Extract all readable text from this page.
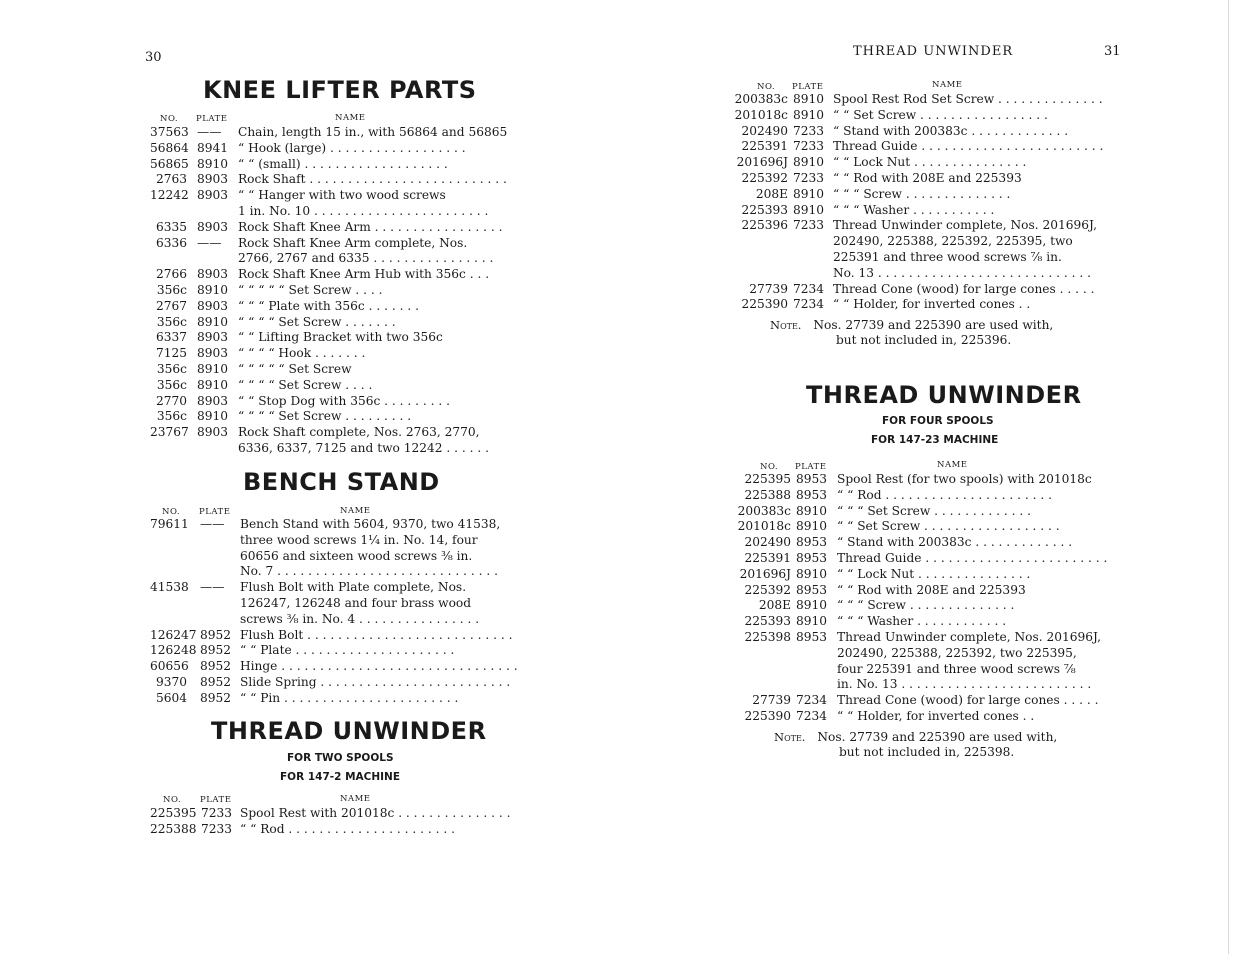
30
KNEE LIFTER PARTS
NO. PLATE	NAME
37563 —— Chain, length 15 in., with 56864 and 56865
56864 8941 “ Hook (large) . . . . . . . . . . . . . . . . . .
56865 8910 “ “ (small) . . . . . . . . . . . . . . . . . . .
2763 8903 Rock Shaft . . . . . . . . . . . . . . . . . . . . . . . . . .
12242 8903 “ “ Hanger with two wood screws
1 in. No. 10 . . . . . . . . . . . . . . . . . . . . . . .
6335 8903 Rock Shaft Knee Arm . . . . . . . . . . . . . . . . .
6336 —— Rock Shaft Knee Arm complete, Nos.
2766, 2767 and 6335 . . . . . . . . . . . . . . . .
2766 8903 Rock Shaft Knee Arm Hub with 356c . . .
356c 8910 “ “ “ “ “ Set Screw . . . .
2767 8903 “ “ “ Plate with 356c . . . . . . .
356c 8910 “ “ “ “ Set Screw . . . . . . .
6337 8903 “ “ Lifting Bracket with two 356c
7125 8903 “ “ “ “ Hook . . . . . . .
356c 8910 “ “ “ “ “ Set Screw
356c 8910 “ “ “ “ Set Screw . . . .
2770 8903 “ “ Stop Dog with 356c . . . . . . . . .
356c 8910 “ “ “ “ Set Screw . . . . . . . . .
23767 8903 Rock Shaft complete, Nos. 2763, 2770,
6336, 6337, 7125 and two 12242 . . . . . .
BENCH STAND
NO. PLATE	NAME
79611 —— Bench Stand with 5604, 9370, two 41538,
three wood screws 1¼ in. No. 14, four
60656 and sixteen wood screws ⅜ in.
No. 7 . . . . . . . . . . . . . . . . . . . . . . . . . . . . .
41538 —— Flush Bolt with Plate complete, Nos.
126247, 126248 and four brass wood
screws ⅜ in. No. 4 . . . . . . . . . . . . . . . .
126247 8952 Flush Bolt . . . . . . . . . . . . . . . . . . . . . . . . . . .
126248 8952 “ “ Plate . . . . . . . . . . . . . . . . . . . . .
60656 8952 Hinge . . . . . . . . . . . . . . . . . . . . . . . . . . . . . . .
9370 8952 Slide Spring . . . . . . . . . . . . . . . . . . . . . . . . .
5604 8952 “ “ Pin . . . . . . . . . . . . . . . . . . . . . . .
THREAD UNWINDER
FOR TWO SPOOLS
FOR 147-2 MACHINE
NO. PLATE	NAME
225395 7233 Spool Rest with 201018c . . . . . . . . . . . . . . .
225388 7233 “ “ Rod . . . . . . . . . . . . . . . . . . . . . .
THREAD UNWINDER	31
NO. PLATE	NAME
200383c 8910 Spool Rest Rod Set Screw . . . . . . . . . . . . . .
201018c 8910 “ “ Set Screw . . . . . . . . . . . . . . . . .
202490 7233 “ Stand with 200383c . . . . . . . . . . . . .
225391 7233 Thread Guide . . . . . . . . . . . . . . . . . . . . . . . .
201696J 8910 “ “ Lock Nut . . . . . . . . . . . . . . .
225392 7233 “ “ Rod with 208E and 225393
208E 8910 “ “ “ Screw . . . . . . . . . . . . . .
225393 8910 “ “ “ Washer . . . . . . . . . . .
225396 7233 Thread Unwinder complete, Nos. 201696J,
202490, 225388, 225392, 225395, two
225391 and three wood screws ⅞ in.
No. 13 . . . . . . . . . . . . . . . . . . . . . . . . . . . .
27739 7234 Thread Cone (wood) for large cones . . . . .
225390 7234 “ “ Holder, for inverted cones . .
Note. Nos. 27739 and 225390 are used with,
but not included in, 225396.
THREAD UNWINDER
FOR FOUR SPOOLS
FOR 147-23 MACHINE
NO. PLATE	NAME
225395 8953 Spool Rest (for two spools) with 201018c
225388 8953 “ “ Rod . . . . . . . . . . . . . . . . . . . . . .
200383c 8910 “ “ “ Set Screw . . . . . . . . . . . . .
201018c 8910 “ “ Set Screw . . . . . . . . . . . . . . . . . .
202490 8953 “ Stand with 200383c . . . . . . . . . . . . .
225391 8953 Thread Guide . . . . . . . . . . . . . . . . . . . . . . . .
201696J 8910 “ “ Lock Nut . . . . . . . . . . . . . . .
225392 8953 “ “ Rod with 208E and 225393
208E 8910 “ “ “ Screw . . . . . . . . . . . . . .
225393 8910 “ “ “ Washer . . . . . . . . . . . .
225398 8953 Thread Unwinder complete, Nos. 201696J,
202490, 225388, 225392, two 225395,
four 225391 and three wood screws ⅞
in. No. 13 . . . . . . . . . . . . . . . . . . . . . . . . .
27739 7234 Thread Cone (wood) for large cones . . . . .
225390 7234 “ “ Holder, for inverted cones . .
Note. Nos. 27739 and 225390 are used with,
but not included in, 225398.
